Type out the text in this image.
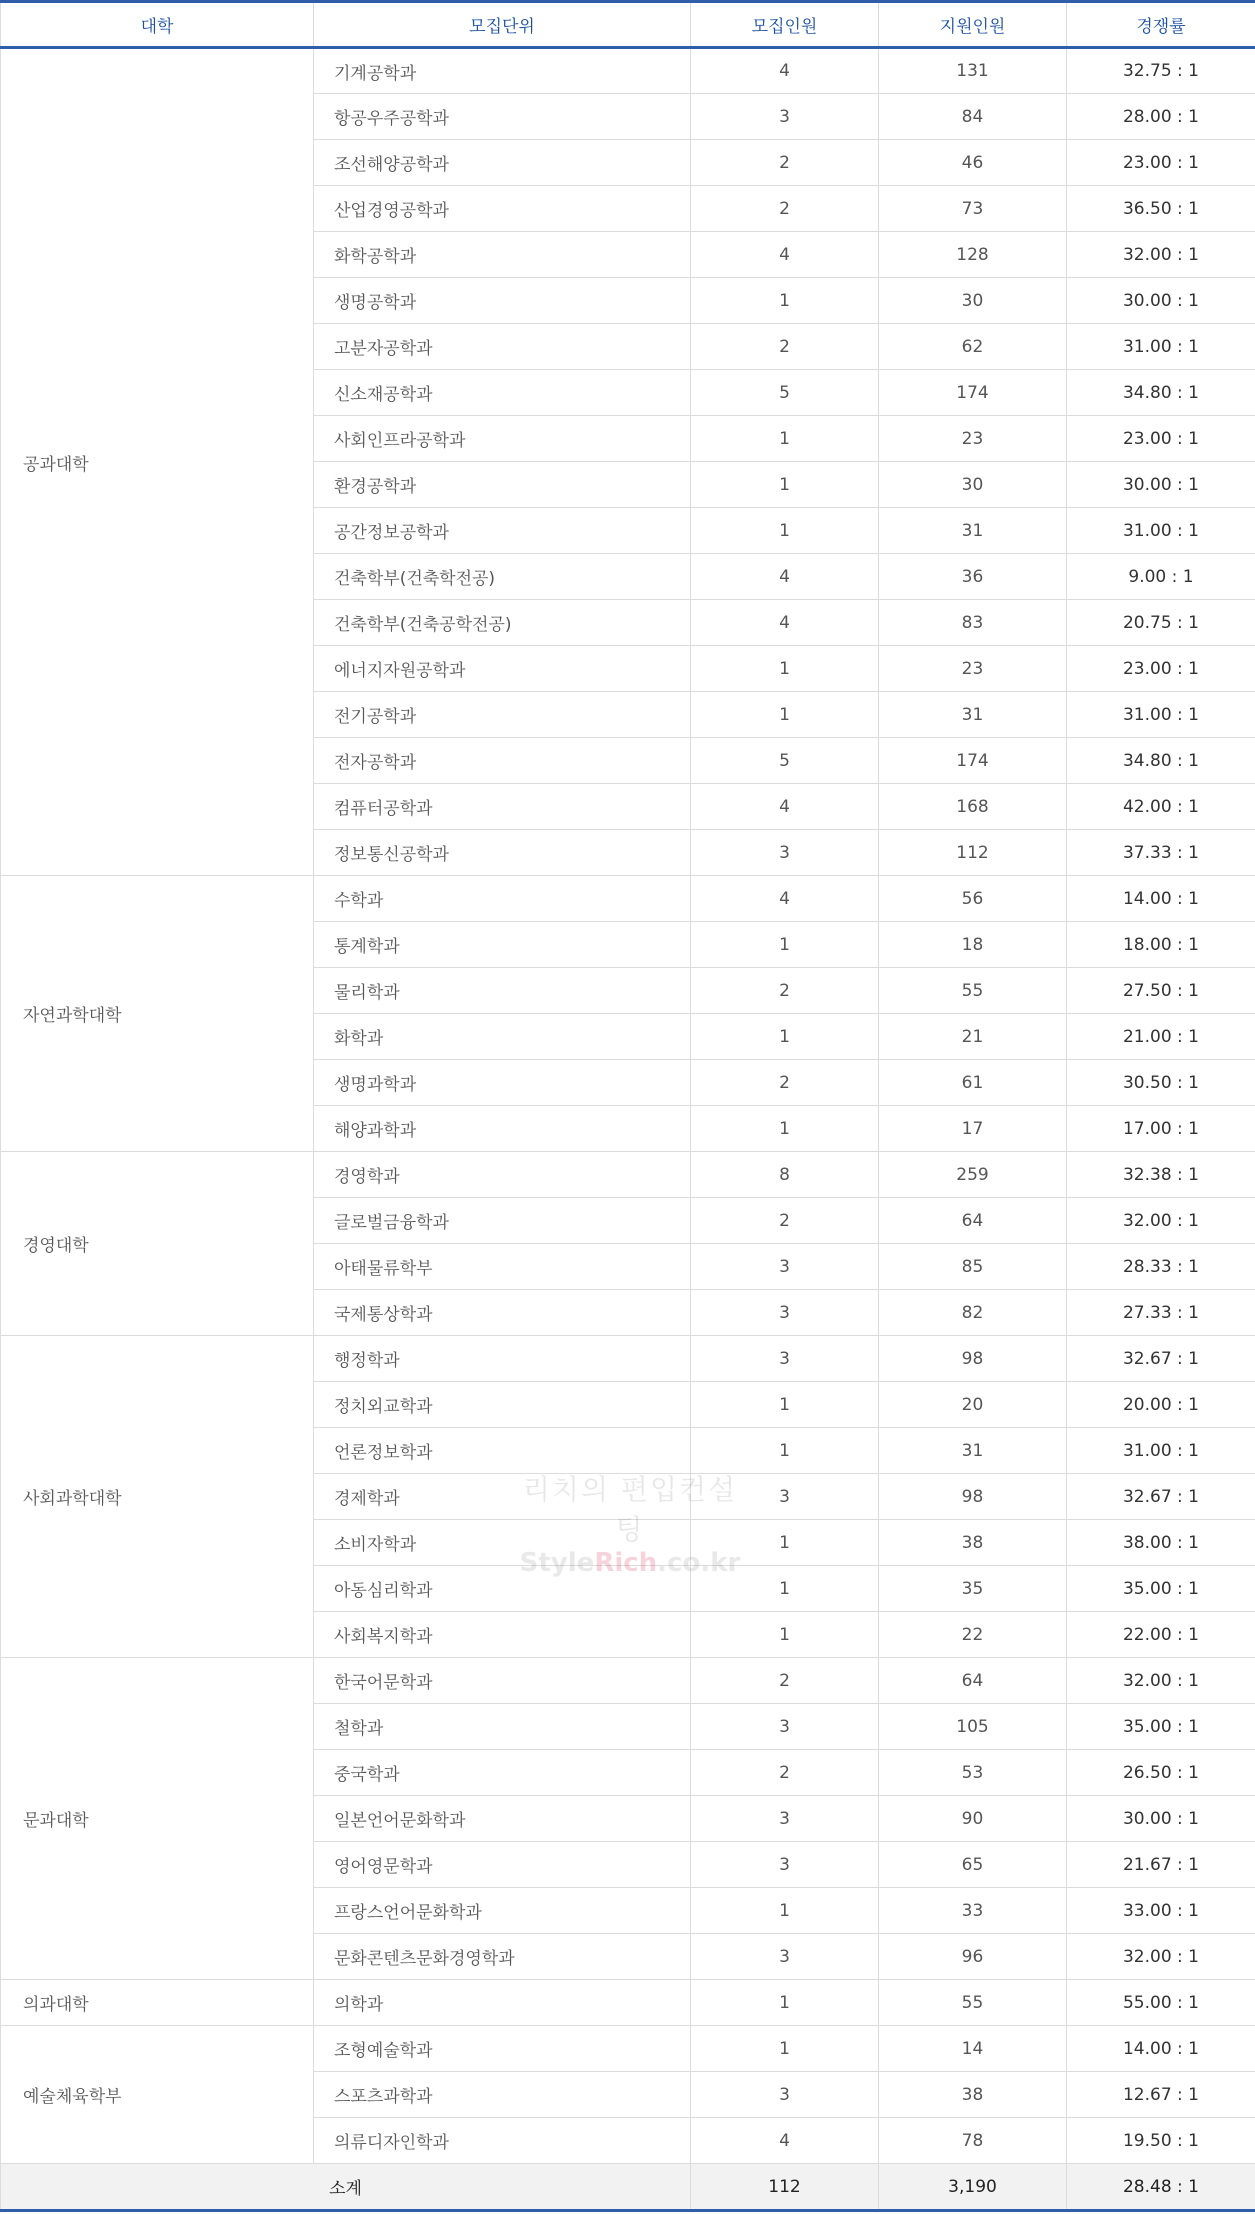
대학	모집단위	모집인원	지원인원	경쟁률
공과대학	기계공학과	4	131	32.75 : 1
	항공우주공학과	3	84	28.00 : 1
	조선해양공학과	2	46	23.00 : 1
	산업경영공학과	2	73	36.50 : 1
	화학공학과	4	128	32.00 : 1
	생명공학과	1	30	30.00 : 1
	고분자공학과	2	62	31.00 : 1
	신소재공학과	5	174	34.80 : 1
	사회인프라공학과	1	23	23.00 : 1
	환경공학과	1	30	30.00 : 1
	공간정보공학과	1	31	31.00 : 1
	건축학부(건축학전공)	4	36	9.00 : 1
	건축학부(건축공학전공)	4	83	20.75 : 1
	에너지자원공학과	1	23	23.00 : 1
	전기공학과	1	31	31.00 : 1
	전자공학과	5	174	34.80 : 1
	컴퓨터공학과	4	168	42.00 : 1
	정보통신공학과	3	112	37.33 : 1
자연과학대학	수학과	4	56	14.00 : 1
	통계학과	1	18	18.00 : 1
	물리학과	2	55	27.50 : 1
	화학과	1	21	21.00 : 1
	생명과학과	2	61	30.50 : 1
	해양과학과	1	17	17.00 : 1
경영대학	경영학과	8	259	32.38 : 1
	글로벌금융학과	2	64	32.00 : 1
	아태물류학부	3	85	28.33 : 1
	국제통상학과	3	82	27.33 : 1
사회과학대학	행정학과	3	98	32.67 : 1
	정치외교학과	1	20	20.00 : 1
	언론정보학과	1	31	31.00 : 1
	경제학과	3	98	32.67 : 1
	소비자학과	1	38	38.00 : 1
	아동심리학과	1	35	35.00 : 1
	사회복지학과	1	22	22.00 : 1
문과대학	한국어문학과	2	64	32.00 : 1
	철학과	3	105	35.00 : 1
	중국학과	2	53	26.50 : 1
	일본언어문화학과	3	90	30.00 : 1
	영어영문학과	3	65	21.67 : 1
	프랑스언어문화학과	1	33	33.00 : 1
	문화콘텐츠문화경영학과	3	96	32.00 : 1
의과대학	의학과	1	55	55.00 : 1
예술체육학부	조형예술학과	1	14	14.00 : 1
	스포츠과학과	3	38	12.67 : 1
	의류디자인학과	4	78	19.50 : 1
소계		112	3,190	28.48 : 1
리치의 편입컨설팅
StyleRich.co.kr
